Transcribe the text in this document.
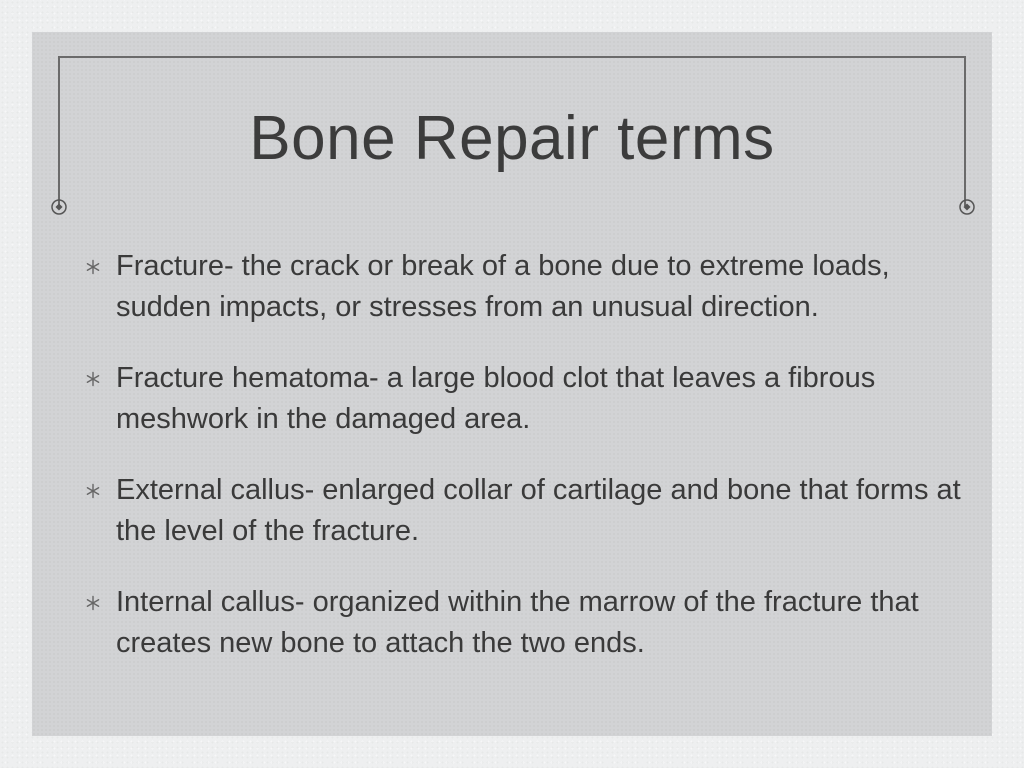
Bone Repair terms
Fracture- the crack or break of a bone due to extreme loads, sudden impacts, or stresses from an unusual direction.
Fracture hematoma- a large blood clot that leaves a fibrous meshwork in the damaged area.
External callus- enlarged collar of cartilage and bone that forms at the level of the fracture.
Internal callus- organized within the marrow of the fracture that creates new bone to attach the two ends.
